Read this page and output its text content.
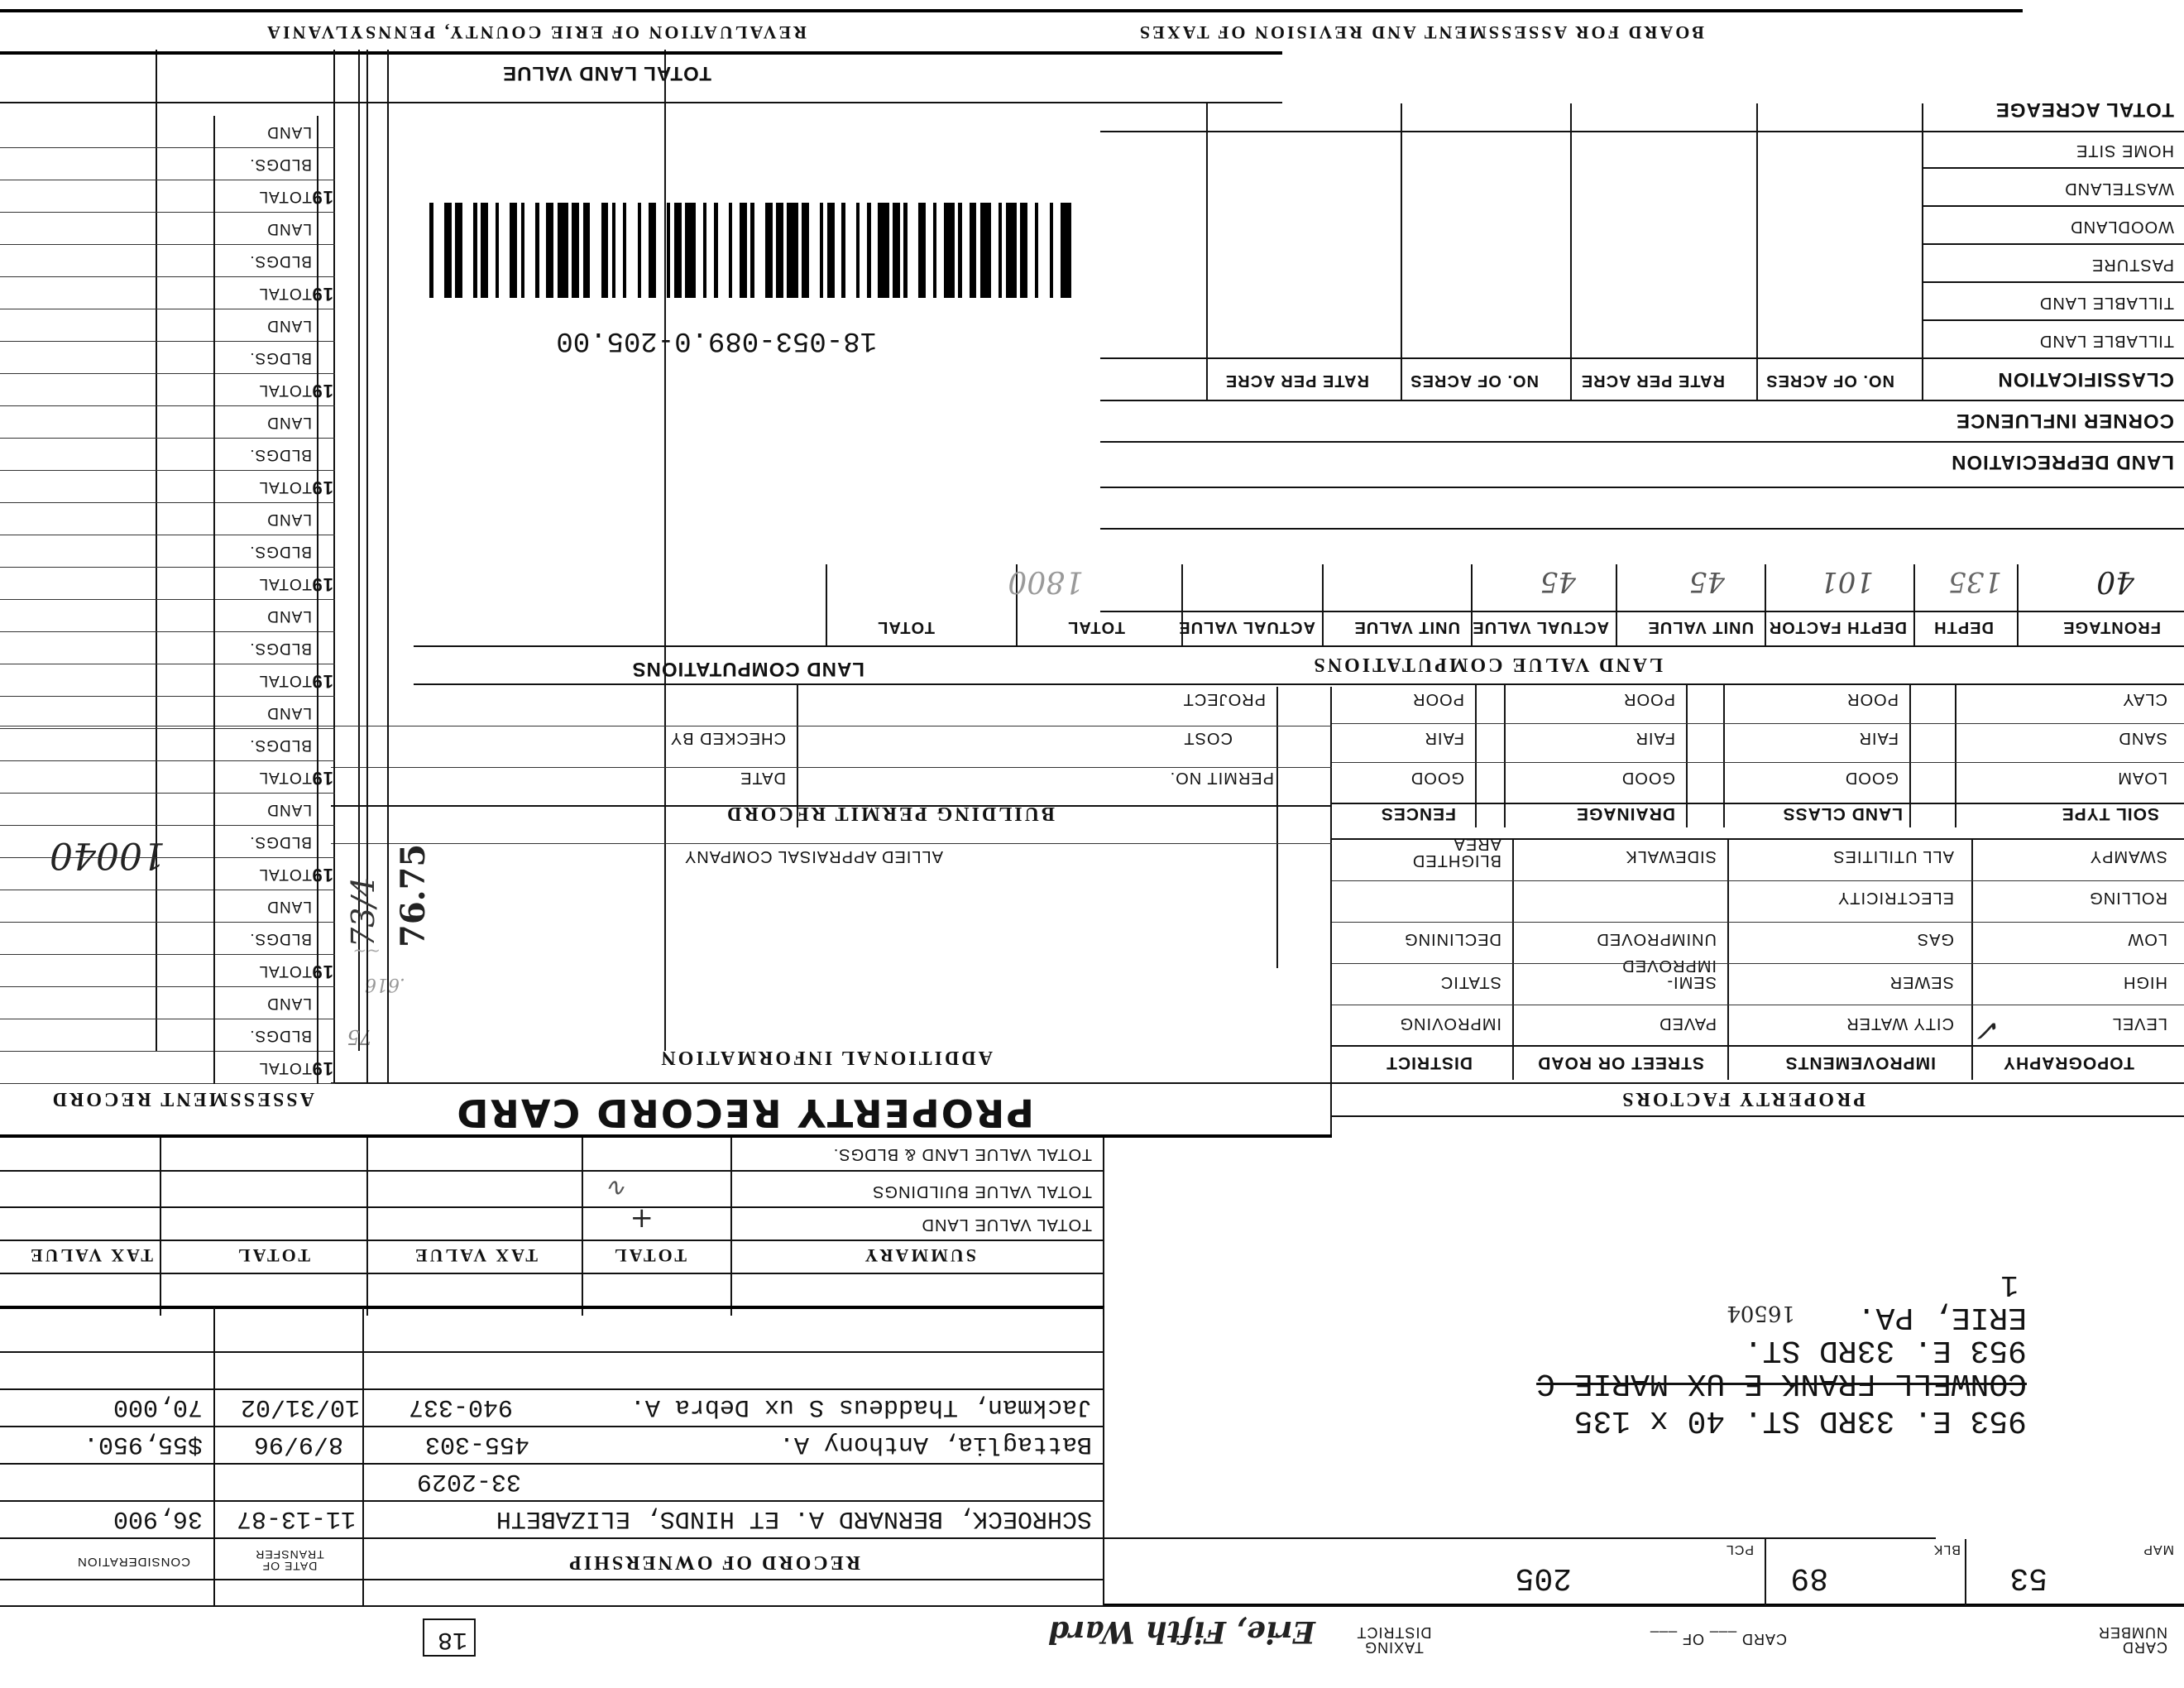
REVALUATION OF ERIE COUNTY, PENNSYLVANIA	BOARD FOR ASSESSMENT AND REVISION OF TAXES
TOTAL LAND VALUE
TOTAL ACREAGE
HOME SITE
WASTELAND
WOODLAND
PASTURE
TILLABLE LAND
TILLABLE LAND
CLASSIFICATION
NO. OF ACRES
RATE PER ACRE
NO. OF ACRES
RATE PER ACRE
18-053-089.0-205.00
CORNER INFLUENCE
LAND DEPRECIATION
FRONTAGE
DEPTH
DEPTH FACTOR
UNIT VALUE
ACTUAL VALUE
UNIT VALUE
ACTUAL VALUE
TOTAL
TOTAL
40
135
101
45
45
1800
LAND VALUE COMPUTATIONS
CLAY
SAND
LOAM
POOR
FAIR
GOOD
POOR
FAIR
GOOD
POOR
FAIR
GOOD
SOIL TYPE
LAND CLASS
DRAINAGE
FENCES
SWAMPY
ROLLING
LOW
HIGH
LEVEL
ALL UTILITIES
ELECTRICITY
GAS
SEWER
CITY WATER ✓
SIDEWALK
UNIMPROVED
SEMI-IMPROVED
PAVED
BLIGHTED AREA
DECLINING
STATIC
IMPROVING
TOPOGRAPHY
IMPROVEMENTS
STREET OR ROAD
DISTRICT
PROPERTY FACTORS
PROJECT
COST
PERMIT NO.
CHECKED BY
DATE
LAND COMPUTATIONS
BUILDING PERMIT RECORD
ALLIED APPRAISAL COMPANY
ADDITIONAL INFORMATION
75
.616
~~
PROPERTY RECORD CARD
76.75
73/4
ASSESSMENT RECORD
10040
TOTAL VALUE LAND & BLDGS.
TOTAL VALUE BUILDINGS
TOTAL VALUE LAND
SUMMARY
TOTAL
TAX VALUE
TOTAL
TAX VALUE
+
∿
953 E. 33RD ST. 40 x 135
CONWELL FRANK E UX MARIE C
953 E. 33RD ST.
ERIE, PA.
16504
1
RECORD OF OWNERSHIP
DATE OF TRANSFER
CONSIDERATION
SCHROECK, BERNARD A. ET HINDS, ELIZABETH
11-13-87
36,900
33-2029
Battaglia, Anthony A.
455-303
8/9/96
$55,950.
Jackman, Thaddeus S ux Debra A.
940-337
10/31/02
70,000
MAP
53
BLK
89
PCL
205
CARD NUMBER
CARD ___ OF ___
TAXING DISTRICT
Erie, Fifth Ward
18
TOTAL
BLDGS.
LAND
19
TOTAL
BLDGS.
LAND
19
TOTAL
BLDGS.
LAND
19
TOTAL
BLDGS.
LAND
19
TOTAL
BLDGS.
LAND
19
TOTAL
BLDGS.
LAND
19
TOTAL
BLDGS.
LAND
19
TOTAL
BLDGS.
LAND
19
TOTAL
BLDGS.
LAND
19
TOTAL
BLDGS.
LAND
19
